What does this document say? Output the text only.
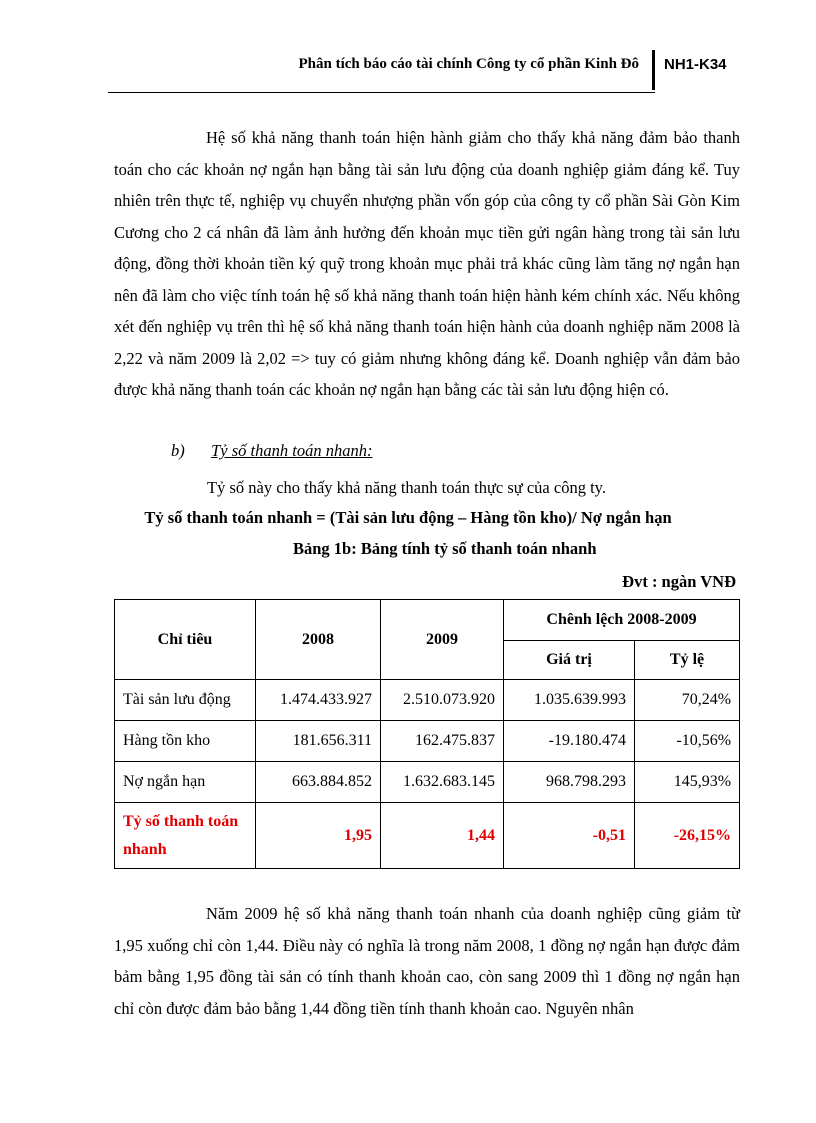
Phân tích báo cáo tài chính Công ty cổ phần Kinh Đô NH1-K34

Hệ số khả năng thanh toán hiện hành giảm cho thấy khả năng đảm bảo thanh toán cho các khoản nợ ngắn hạn bằng tài sản lưu động của doanh nghiệp giảm đáng kể. Tuy nhiên trên thực tế, nghiệp vụ chuyển nhượng phần vốn góp của công ty cổ phần Sài Gòn Kim Cương cho 2 cá nhân đã làm ảnh hưởng đến khoản mục tiền gửi ngân hàng trong tài sản lưu động, đồng thời khoản tiền ký quỹ trong khoản mục phải trả khác cũng làm tăng nợ ngắn hạn nên đã làm cho việc tính toán hệ số khả năng thanh toán hiện hành kém chính xác. Nếu không xét đến nghiệp vụ trên thì hệ số khả năng thanh toán hiện hành của doanh nghiệp năm 2008 là 2,22 và năm 2009 là 2,02 => tuy có giảm nhưng không đáng kể. Doanh nghiệp vẫn đảm bảo được khả năng thanh toán các khoản nợ ngắn hạn bằng các tài sản lưu động hiện có.

b) Tỷ số thanh toán nhanh:
Tỷ số này cho thấy khả năng thanh toán thực sự của công ty.
Tỷ số thanh toán nhanh = (Tài sản lưu động – Hàng tồn kho)/ Nợ ngắn hạn
Bảng 1b: Bảng tính tỷ số thanh toán nhanh
Đvt : ngàn VNĐ
Chỉ tiêu	2008	2009	Chênh lệch 2008-2009	
			Giá trị	Tỷ lệ
Tài sản lưu động	1.474.433.927	2.510.073.920	1.035.639.993	70,24%
Hàng tồn kho	181.656.311	162.475.837	-19.180.474	-10,56%
Nợ ngắn hạn	663.884.852	1.632.683.145	968.798.293	145,93%
Tỷ số thanh toán nhanh	1,95	1,44	-0,51	-26,15%

Năm 2009 hệ số khả năng thanh toán nhanh của doanh nghiệp cũng giảm từ 1,95 xuống chỉ còn 1,44. Điều này có nghĩa là trong năm 2008, 1 đồng nợ ngắn hạn được đảm bảm bằng 1,95 đồng tài sản có tính thanh khoản cao, còn sang 2009 thì 1 đồng nợ ngắn hạn chỉ còn được đảm bảo bằng 1,44 đồng tiền tính thanh khoản cao. Nguyên nhân
